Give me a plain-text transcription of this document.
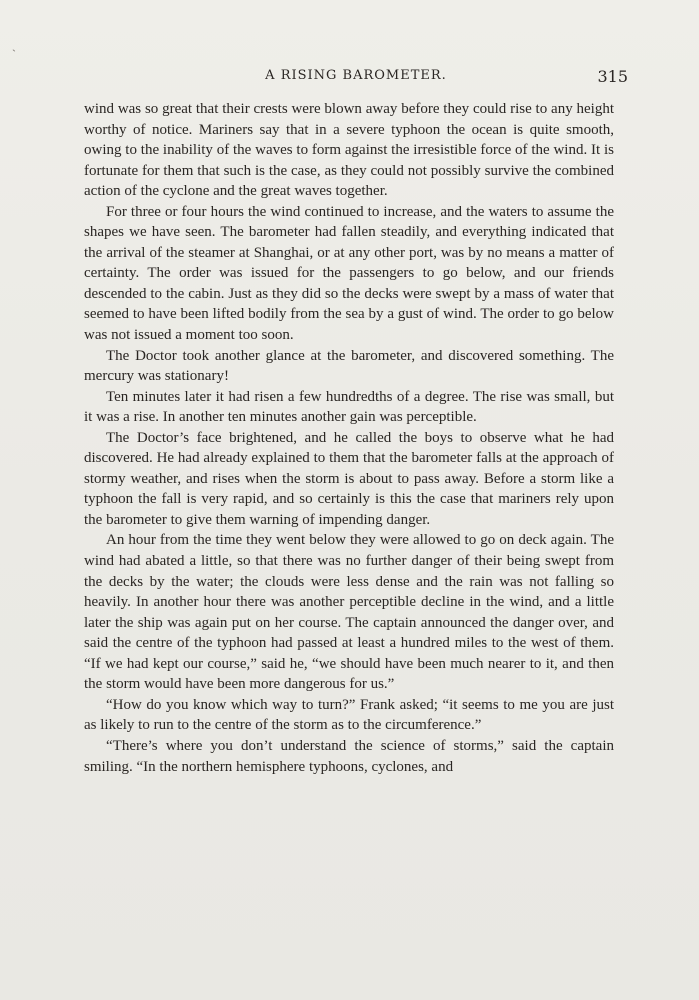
ˏ
A RISING BAROMETER.	315

wind was so great that their crests were blown away before they could rise to any height worthy of notice. Mariners say that in a severe typhoon the ocean is quite smooth, owing to the inability of the waves to form against the irresistible force of the wind. It is fortunate for them that such is the case, as they could not possibly survive the combined action of the cyclone and the great waves together.

For three or four hours the wind continued to increase, and the waters to assume the shapes we have seen. The barometer had fallen steadily, and everything indicated that the arrival of the steamer at Shanghai, or at any other port, was by no means a matter of certainty. The order was issued for the passengers to go below, and our friends descended to the cabin. Just as they did so the decks were swept by a mass of water that seemed to have been lifted bodily from the sea by a gust of wind. The order to go below was not issued a moment too soon.

The Doctor took another glance at the barometer, and discovered something. The mercury was stationary!

Ten minutes later it had risen a few hundredths of a degree. The rise was small, but it was a rise. In another ten minutes another gain was perceptible.

The Doctor’s face brightened, and he called the boys to observe what he had discovered. He had already explained to them that the barometer falls at the approach of stormy weather, and rises when the storm is about to pass away. Before a storm like a typhoon the fall is very rapid, and so certainly is this the case that mariners rely upon the barometer to give them warning of impending danger.

An hour from the time they went below they were allowed to go on deck again. The wind had abated a little, so that there was no further danger of their being swept from the decks by the water; the clouds were less dense and the rain was not falling so heavily. In another hour there was another perceptible decline in the wind, and a little later the ship was again put on her course. The captain announced the danger over, and said the centre of the typhoon had passed at least a hundred miles to the west of them. “If we had kept our course,” said he, “we should have been much nearer to it, and then the storm would have been more dangerous for us.”

“How do you know which way to turn?” Frank asked; “it seems to me you are just as likely to run to the centre of the storm as to the circumference.”

“There’s where you don’t understand the science of storms,” said the captain smiling. “In the northern hemisphere typhoons, cyclones, and
